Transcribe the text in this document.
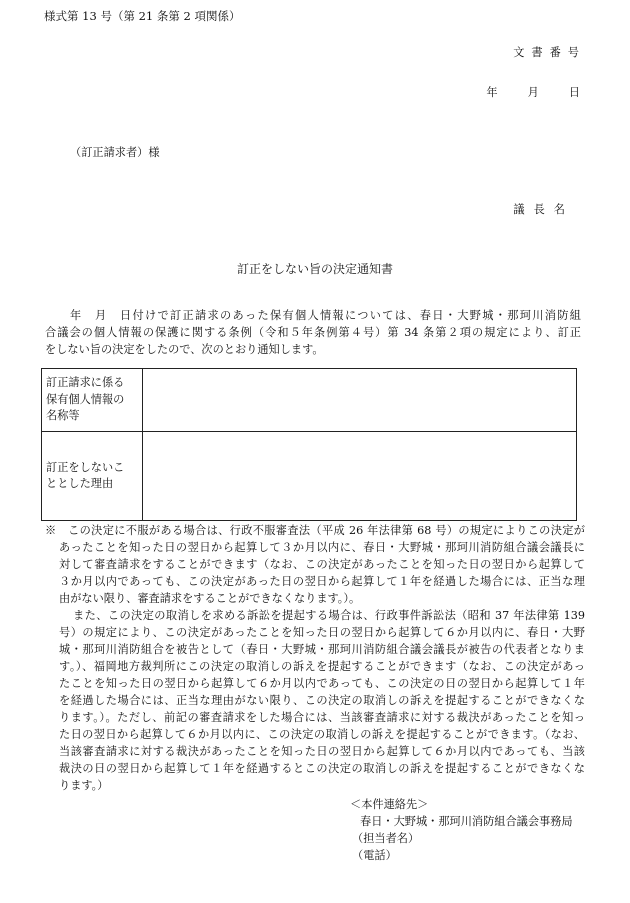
様式第 13 号（第 21 条第 2 項関係）
文書番号
年	月	日
（訂正請求者）様
議長名
訂正をしない旨の決定通知書
　　年　月　日付けで訂正請求のあった保有個人情報については、春日・大野城・那珂川消防組
合議会の個人情報の保護に関する条例（令和５年条例第４号）第 34 条第２項の規定により、訂正
をしない旨の決定をしたので、次のとおり通知します。
訂正請求に係る
保有個人情報の
名称等	

訂正をしないこ
ととした理由	

※　 この決定に不服がある場合は、行政不服審査法（平成 26 年法律第 68 号）の規定によりこの決定が
あったことを知った日の翌日から起算して３か月以内に、春日・大野城・那珂川消防組合議会議長に
対して審査請求をすることができます（なお、この決定があったことを知った日の翌日から起算して
３か月以内であっても、この決定があった日の翌日から起算して１年を経過した場合には、正当な理
由がない限り、審査請求をすることができなくなります。）。
また、この決定の取消しを求める訴訟を提起する場合は、行政事件訴訟法（昭和 37 年法律第 139
号）の規定により、この決定があったことを知った日の翌日から起算して６か月以内に、春日・大野
城・那珂川消防組合を被告として（春日・大野城・那珂川消防組合議会議長が被告の代表者となりま
す。）、福岡地方裁判所にこの決定の取消しの訴えを提起することができます（なお、この決定があっ
たことを知った日の翌日から起算して６か月以内であっても、この決定の日の翌日から起算して１年
を経過した場合には、正当な理由がない限り、この決定の取消しの訴えを提起することができなくな
ります。）。ただし、前記の審査請求をした場合には、当該審査請求に対する裁決があったことを知っ
た日の翌日から起算して６か月以内に、この決定の取消しの訴えを提起することができます。（なお、
当該審査請求に対する裁決があったことを知った日の翌日から起算して６か月以内であっても、当該
裁決の日の翌日から起算して１年を経過するとこの決定の取消しの訴えを提起することができなくな
ります。）
＜本件連絡先＞
春日・大野城・那珂川消防組合議会事務局
（担当者名）
（電話）
